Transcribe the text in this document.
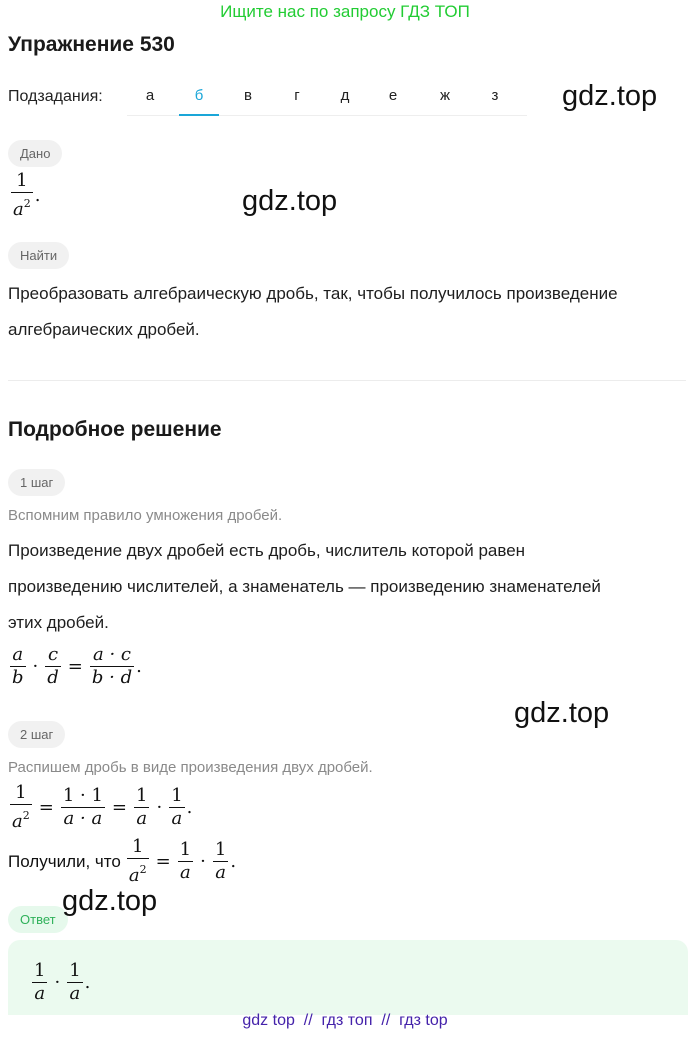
Ищите нас по запросу ГДЗ ТОП
Упражнение 530
Подзадания:	а	б	в	г	д	е	ж	з	gdz.top
Дано
$\frac{1}{a^2}$ .	gdz.top
Найти
Преобразовать алгебраическую дробь, так, чтобы получилось произведение
алгебраических дробей.
Подробное решение
1 шаг
Вспомним правило умножения дробей.
Произведение двух дробей есть дробь, числитель которой равен
произведению числителей, а знаменатель — произведению знаменателей
этих дробей.
$\frac{a}{b} \cdot \frac{c}{d} = \frac{a \cdot c}{b \cdot d}$ .
gdz.top
2 шаг
Распишем дробь в виде произведения двух дробей.
$\frac{1}{a^2} = \frac{1 \cdot 1}{a \cdot a} = \frac{1}{a} \cdot \frac{1}{a}$ .
Получили, что $\frac{1}{a^2} = \frac{1}{a} \cdot \frac{1}{a}$ .
Ответ
gdz.top
$\frac{1}{a} \cdot \frac{1}{a}$ .
gdz top  //  гдз топ  //  гдз top
